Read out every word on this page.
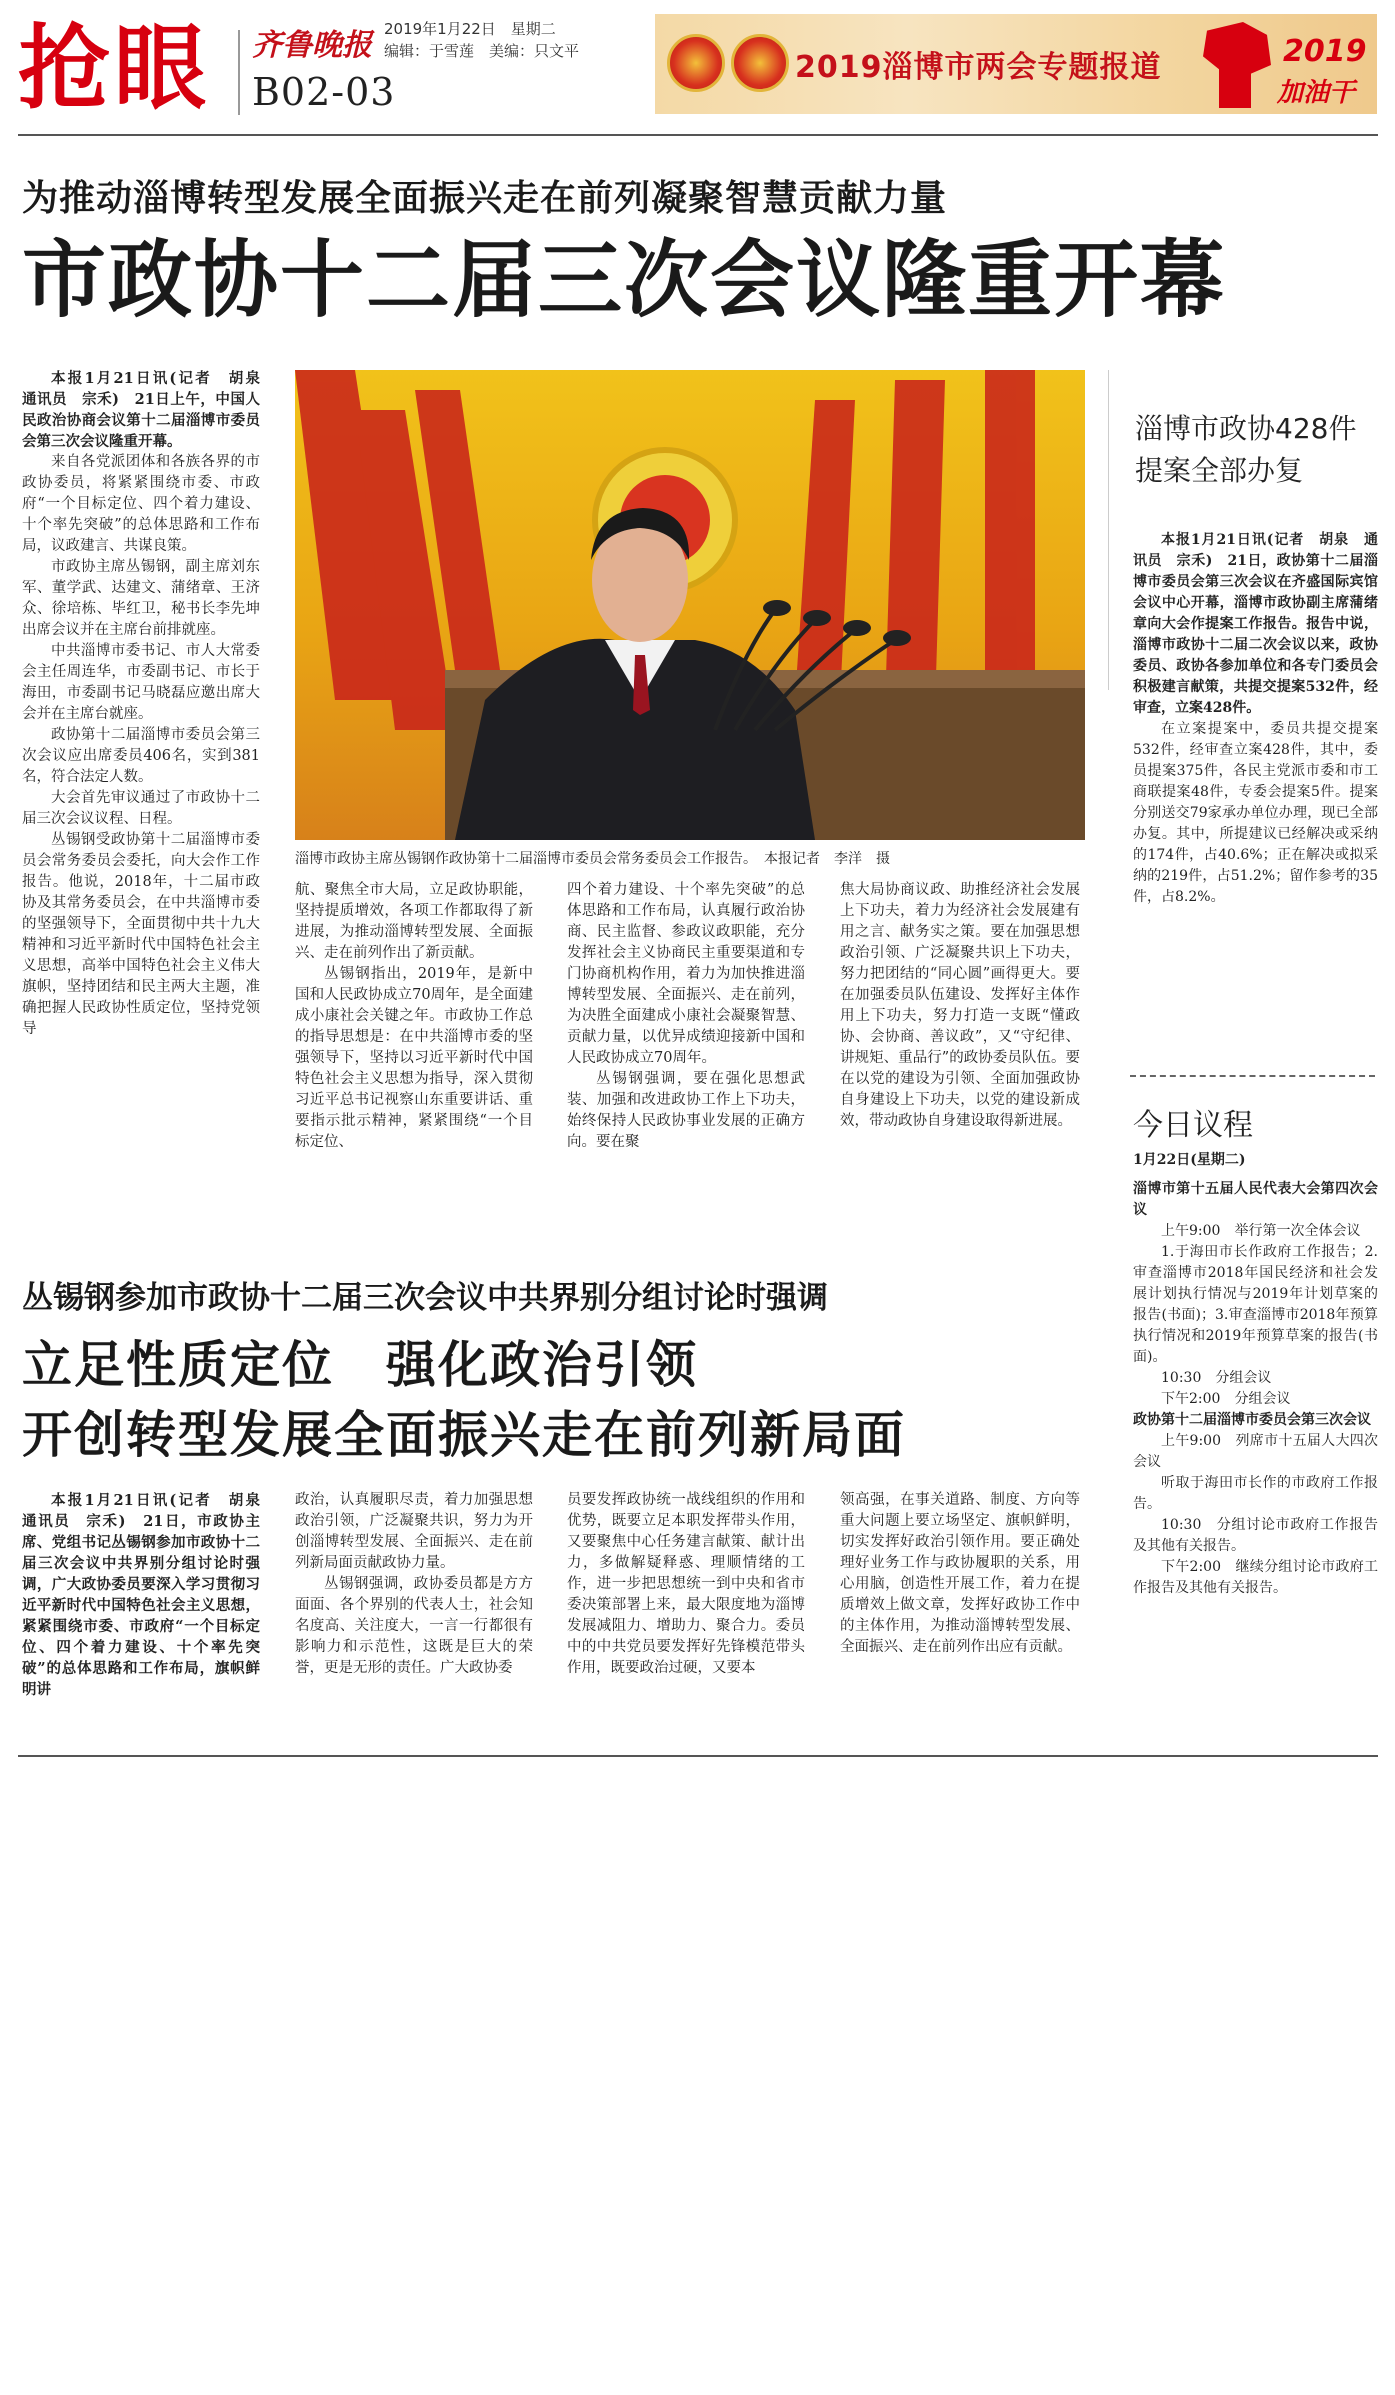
抢眼 齐鲁晚报
B02-03
2019年1月22日　星期二
编辑：于雪莲　美编：只文平	2019淄博市两会专题报道	2019
加油干
为推动淄博转型发展全面振兴走在前列凝聚智慧贡献力量
市政协十二届三次会议隆重开幕

本报1月21日讯(记者　胡泉　通讯员　宗禾)　21日上午，中国人民政治协商会议第十二届淄博市委员会第三次会议隆重开幕。

来自各党派团体和各族各界的市政协委员，将紧紧围绕市委、市政府“一个目标定位、四个着力建设、十个率先突破”的总体思路和工作布局，议政建言、共谋良策。

市政协主席丛锡钢，副主席刘东军、董学武、达建文、蒲绪章、王济众、徐培栋、毕红卫，秘书长李先坤出席会议并在主席台前排就座。

中共淄博市委书记、市人大常委会主任周连华，市委副书记、市长于海田，市委副书记马晓磊应邀出席大会并在主席台就座。

政协第十二届淄博市委员会第三次会议应出席委员406名，实到381名，符合法定人数。

大会首先审议通过了市政协十二届三次会议议程、日程。

丛锡钢受政协第十二届淄博市委员会常务委员会委托，向大会作工作报告。他说，2018年，十二届市政协及其常务委员会，在中共淄博市委的坚强领导下，全面贯彻中共十九大精神和习近平新时代中国特色社会主义思想，高举中国特色社会主义伟大旗帜，坚持团结和民主两大主题，准确把握人民政协性质定位，坚持党领导

淄博市政协主席丛锡钢作政协第十二届淄博市委员会常务委员会工作报告。　本报记者　李洋　摄

航、聚焦全市大局，立足政协职能，坚持提质增效，各项工作都取得了新进展，为推动淄博转型发展、全面振兴、走在前列作出了新贡献。

丛锡钢指出，2019年，是新中国和人民政协成立70周年，是全面建成小康社会关键之年。市政协工作总的指导思想是：在中共淄博市委的坚强领导下，坚持以习近平新时代中国特色社会主义思想为指导，深入贯彻习近平总书记视察山东重要讲话、重要指示批示精神，紧紧围绕“一个目标定位、

四个着力建设、十个率先突破”的总体思路和工作布局，认真履行政治协商、民主监督、参政议政职能，充分发挥社会主义协商民主重要渠道和专门协商机构作用，着力为加快推进淄博转型发展、全面振兴、走在前列，为决胜全面建成小康社会凝聚智慧、贡献力量，以优异成绩迎接新中国和人民政协成立70周年。

丛锡钢强调，要在强化思想武装、加强和改进政协工作上下功夫，始终保持人民政协事业发展的正确方向。要在聚

焦大局协商议政、助推经济社会发展上下功夫，着力为经济社会发展建有用之言、献务实之策。要在加强思想政治引领、广泛凝聚共识上下功夫，努力把团结的“同心圆”画得更大。要在加强委员队伍建设、发挥好主体作用上下功夫，努力打造一支既“懂政协、会协商、善议政”，又“守纪律、讲规矩、重品行”的政协委员队伍。要在以党的建设为引领、全面加强政协自身建设上下功夫，以党的建设新成效，带动政协自身建设取得新进展。

淄博市政协428件
提案全部办复

本报1月21日讯(记者　胡泉　通讯员　宗禾)　21日，政协第十二届淄博市委员会第三次会议在齐盛国际宾馆会议中心开幕，淄博市政协副主席蒲绪章向大会作提案工作报告。报告中说，淄博市政协十二届二次会议以来，政协委员、政协各参加单位和各专门委员会积极建言献策，共提交提案532件，经审查，立案428件。

在立案提案中，委员共提交提案532件，经审查立案428件，其中，委员提案375件，各民主党派市委和市工商联提案48件，专委会提案5件。提案分别送交79家承办单位办理，现已全部办复。其中，所提建议已经解决或采纳的174件，占40.6%；正在解决或拟采纳的219件，占51.2%；留作参考的35件，占8.2%。

今日议程

1月22日(星期二)

淄博市第十五届人民代表大会第四次会议

上午9:00　举行第一次全体会议

1.于海田市长作政府工作报告；2.审查淄博市2018年国民经济和社会发展计划执行情况与2019年计划草案的报告(书面)；3.审查淄博市2018年预算执行情况和2019年预算草案的报告(书面)。

10:30　分组会议

下午2:00　分组会议

政协第十二届淄博市委员会第三次会议

上午9:00　列席市十五届人大四次会议

听取于海田市长作的市政府工作报告。

10:30　分组讨论市政府工作报告及其他有关报告。

下午2:00　继续分组讨论市政府工作报告及其他有关报告。

丛锡钢参加市政协十二届三次会议中共界别分组讨论时强调
立足性质定位　强化政治引领
开创转型发展全面振兴走在前列新局面

本报1月21日讯(记者　胡泉　通讯员　宗禾)　21日，市政协主席、党组书记丛锡钢参加市政协十二届三次会议中共界别分组讨论时强调，广大政协委员要深入学习贯彻习近平新时代中国特色社会主义思想，紧紧围绕市委、市政府“一个目标定位、四个着力建设、十个率先突破”的总体思路和工作布局，旗帜鲜明讲

政治，认真履职尽责，着力加强思想政治引领，广泛凝聚共识，努力为开创淄博转型发展、全面振兴、走在前列新局面贡献政协力量。

丛锡钢强调，政协委员都是方方面面、各个界别的代表人士，社会知名度高、关注度大，一言一行都很有影响力和示范性，这既是巨大的荣誉，更是无形的责任。广大政协委

员要发挥政协统一战线组织的作用和优势，既要立足本职发挥带头作用，又要聚焦中心任务建言献策、献计出力，多做解疑释惑、理顺情绪的工作，进一步把思想统一到中央和省市委决策部署上来，最大限度地为淄博发展减阻力、增助力、聚合力。委员中的中共党员要发挥好先锋模范带头作用，既要政治过硬，又要本

领高强，在事关道路、制度、方向等重大问题上要立场坚定、旗帜鲜明，切实发挥好政治引领作用。要正确处理好业务工作与政协履职的关系，用心用脑，创造性开展工作，着力在提质增效上做文章，发挥好政协工作中的主体作用，为推动淄博转型发展、全面振兴、走在前列作出应有贡献。
